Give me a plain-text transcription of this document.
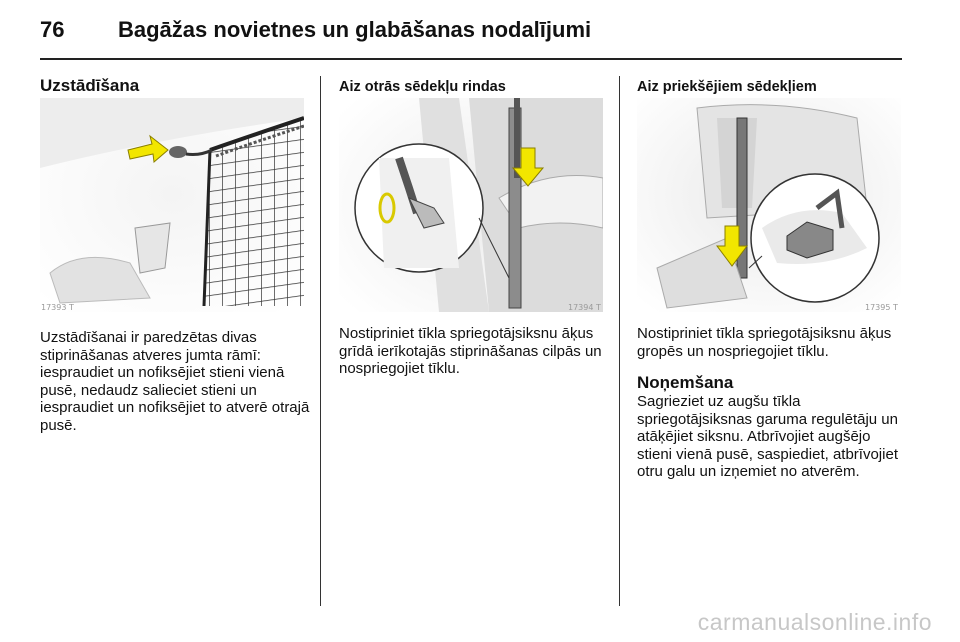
76 Bagāžas novietnes un glabāšanas nodalījumi
Uzstādīšana
17393 T
Uzstādīšanai ir paredzētas divas stiprināšanas atveres jumta rāmī: iespraudiet un nofiksējiet stieni vienā pusē, nedaudz salieciet stieni un iespraudiet un nofiksējiet to atverē otrajā pusē.
Aiz otrās sēdekļu rindas
17394 T
Nostipriniet tīkla spriegotājsiksnu āķus grīdā ierīkotajās stiprināšanas cilpās un nospriegojiet tīklu.
Aiz priekšējiem sēdekļiem
17395 T
Nostipriniet tīkla spriegotājsiksnu āķus gropēs un nospriegojiet tīklu.
Noņemšana
Sagrieziet uz augšu tīkla spriegotājsiksnas garuma regulētāju un atāķējiet siksnu. Atbrīvojiet augšējo stieni vienā pusē, saspiediet, atbrīvojiet otru galu un izņemiet no atverēm.
carmanualsonline.info
